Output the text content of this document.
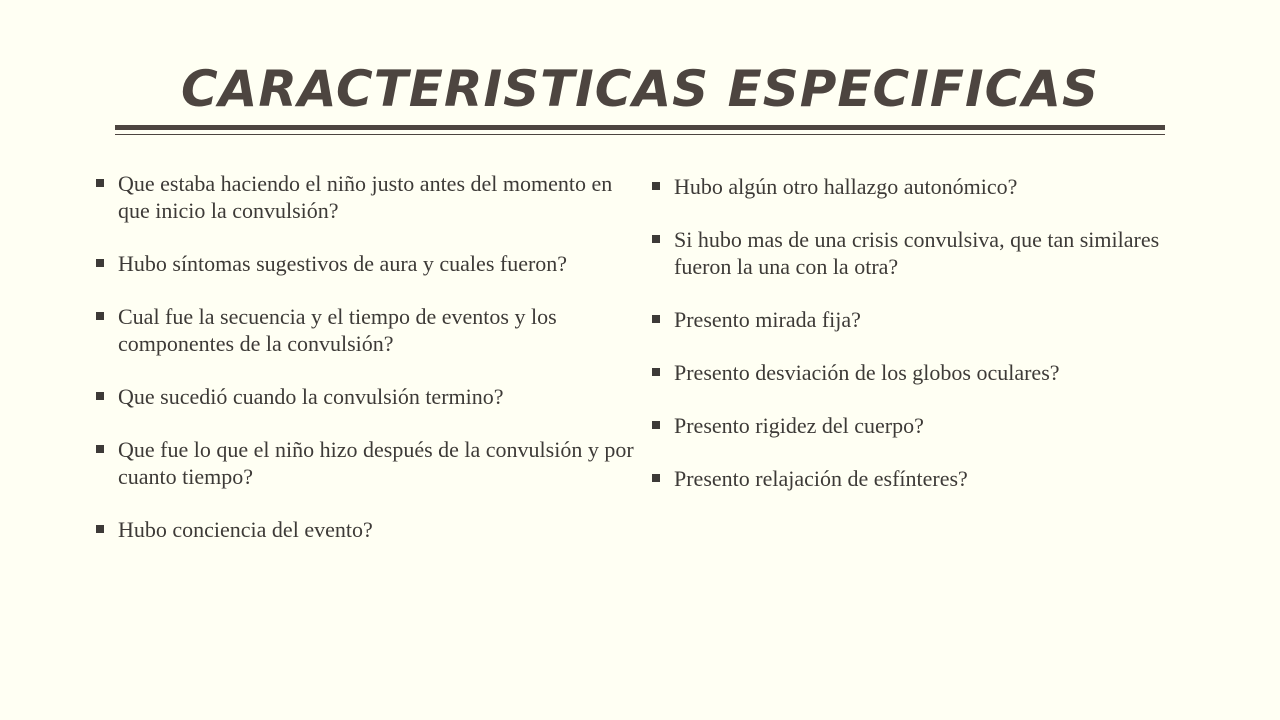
CARACTERISTICAS ESPECIFICAS
Que estaba haciendo el niño justo antes del momento en que inicio la convulsión?
Hubo síntomas sugestivos de aura y cuales fueron?
Cual fue la secuencia y el tiempo de eventos y los componentes de la convulsión?
Que sucedió cuando la convulsión termino?
Que fue lo que el niño hizo después de la convulsión y por cuanto tiempo?
Hubo conciencia del evento?
Hubo algún otro hallazgo autonómico?
Si hubo mas de una crisis convulsiva, que tan similares fueron la una con la otra?
Presento mirada fija?
Presento desviación de los globos oculares?
Presento rigidez del cuerpo?
Presento relajación de esfínteres?
